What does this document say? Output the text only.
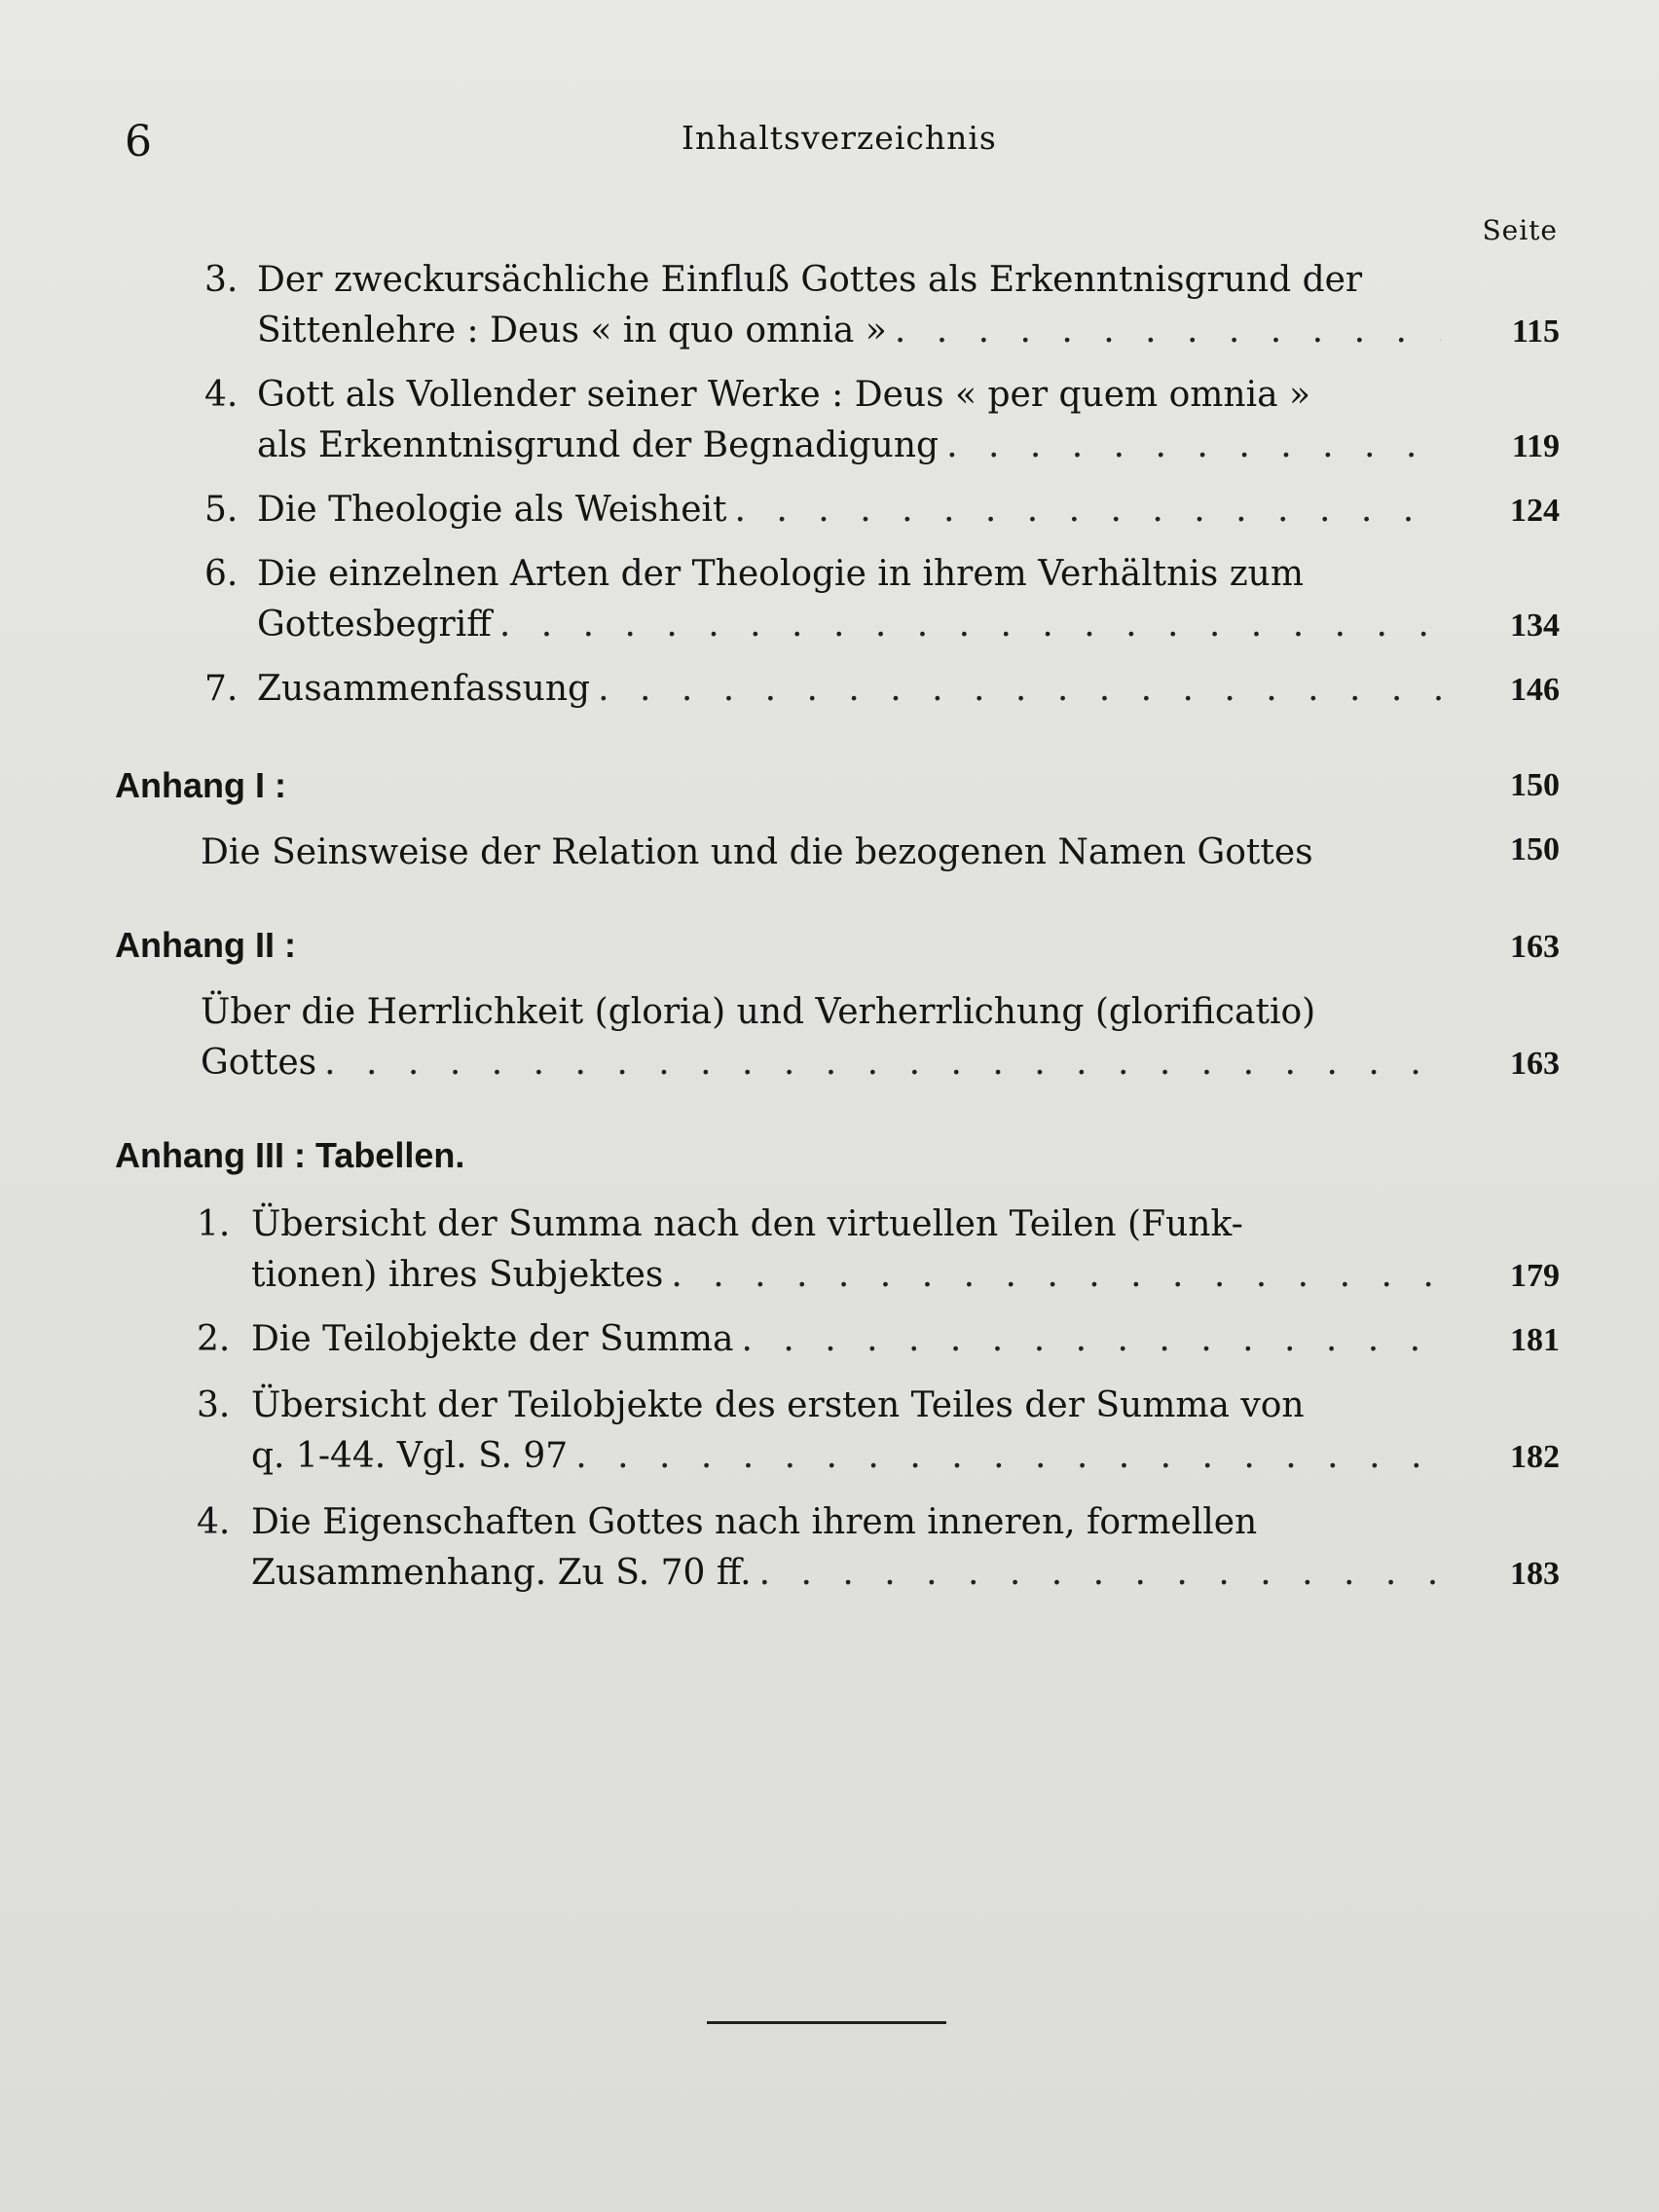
6	Inhaltsverzeichnis
Seite
3. Der zweckursächliche Einfluß Gottes als Erkenntnisgrund der
Sittenlehre : Deus « in quo omnia » . . .	115
4. Gott als Vollender seiner Werke : Deus « per quem omnia »
als Erkenntnisgrund der Begnadigung . . .	119
5. Die Theologie als Weisheit . . .	124
6. Die einzelnen Arten der Theologie in ihrem Verhältnis zum
Gottesbegriff . . .	134
7. Zusammenfassung . . .	146
Anhang I :	150
Die Seinsweise der Relation und die bezogenen Namen Gottes	150
Anhang II :	163
Über die Herrlichkeit (gloria) und Verherrlichung (glorificatio)
Gottes . . .	163
Anhang III : Tabellen.
1. Übersicht der Summa nach den virtuellen Teilen (Funk-
tionen) ihres Subjektes . . .	179
2. Die Teilobjekte der Summa . . .	181
3. Übersicht der Teilobjekte des ersten Teiles der Summa von
q. 1-44. Vgl. S. 97 . . .	182
4. Die Eigenschaften Gottes nach ihrem inneren, formellen
Zusammenhang. Zu S. 70 ff. . . .	183
